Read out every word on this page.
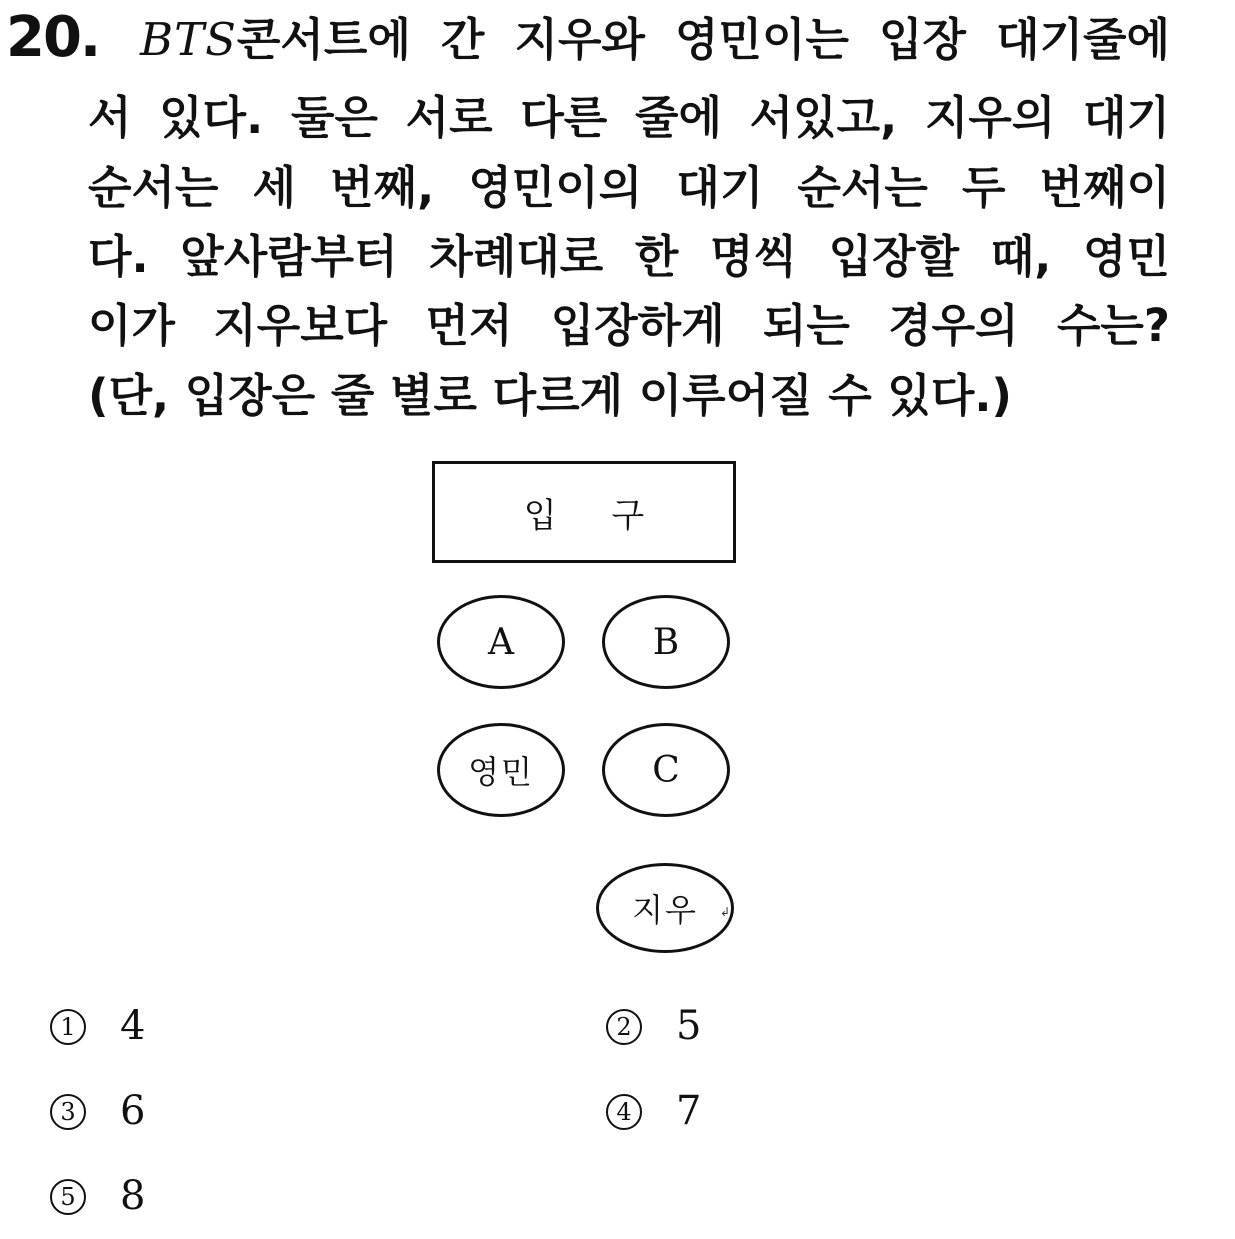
20. BTS콘서트에 간 지우와 영민이는 입장 대기줄에
서 있다. 둘은 서로 다른 줄에 서있고, 지우의 대기
순서는 세 번째, 영민이의 대기 순서는 두 번째이
다. 앞사람부터 차례대로 한 명씩 입장할 때, 영민
이가 지우보다 먼저 입장하게 되는 경우의 수는?
(단, 입장은 줄 별로 다르게 이루어질 수 있다.)
입 구
A	B
영민	C
지우	↲
1 4	2 5
3 6	4 7
5 8
